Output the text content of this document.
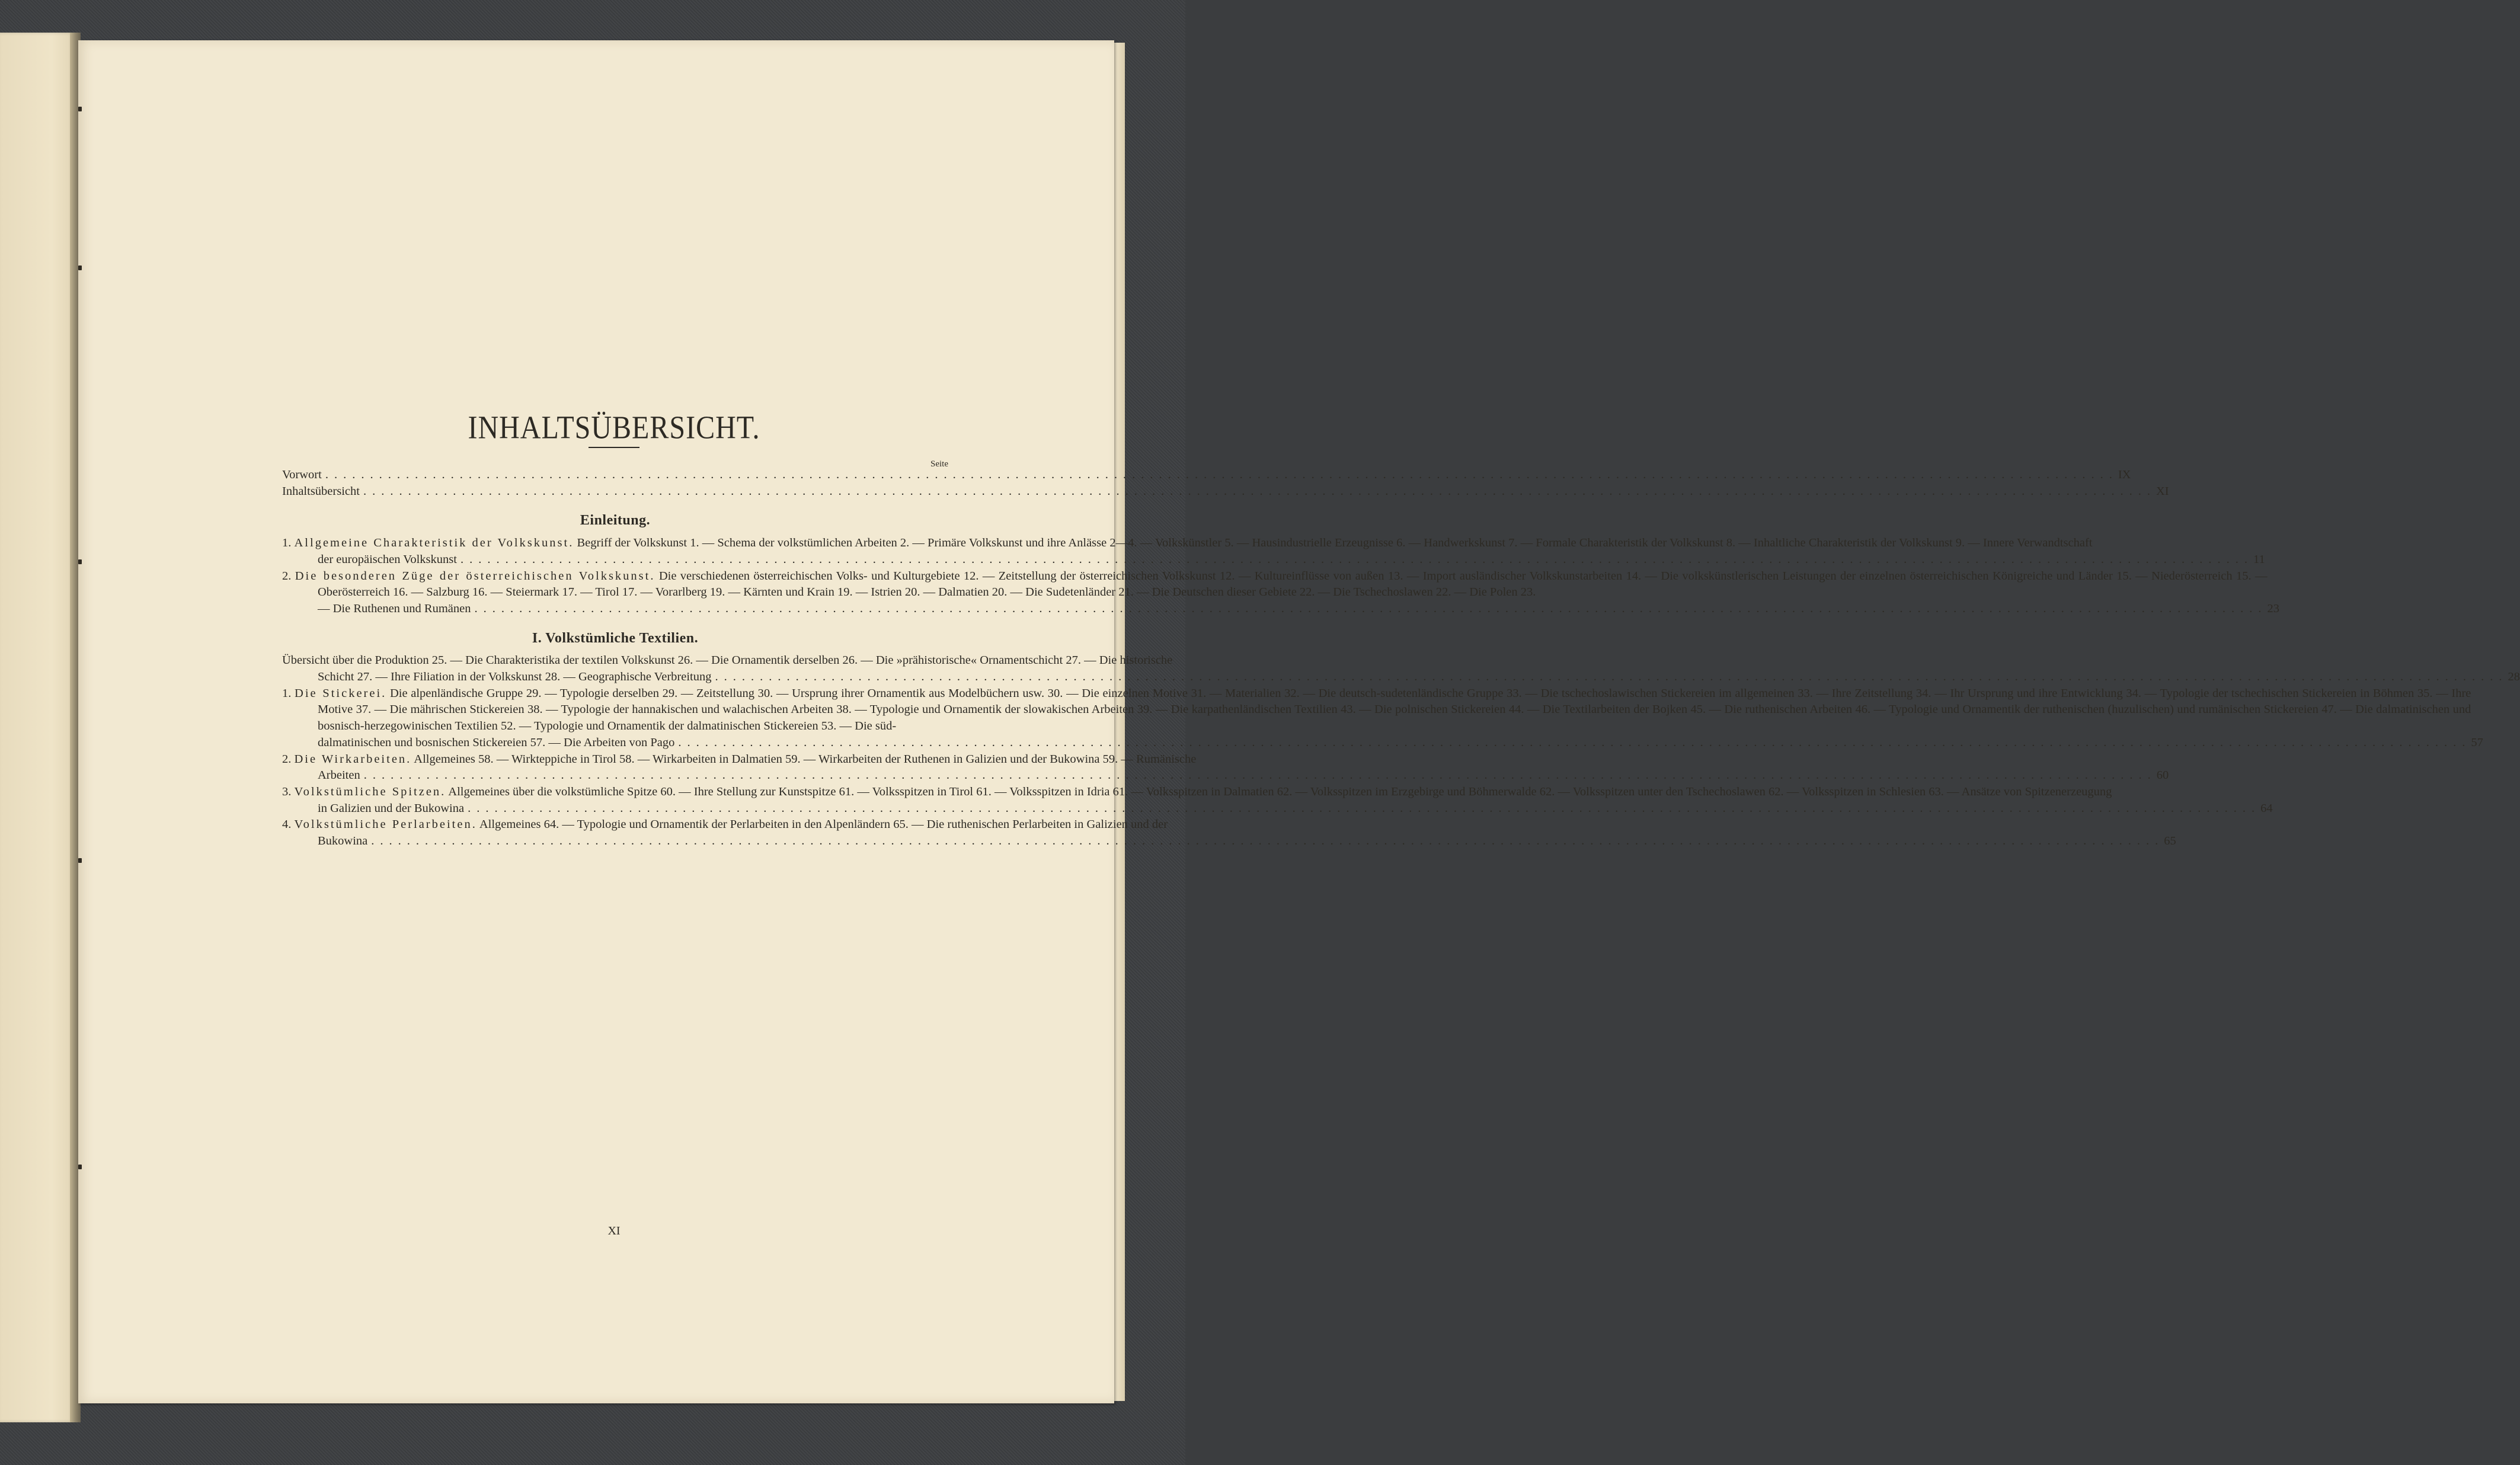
INHALTSÜBERSICHT.
Seite
Vorwort ........................................................................................................................................................................................................ IX
Inhaltsübersicht ........................................................................................................................................................................................................ XI
Einleitung.
1. Allgemeine Charakteristik der Volkskunst. Begriff der Volkskunst 1. — Schema der volkstümlichen Arbeiten 2. — Primäre Volkskunst und ihre Anlässe 2—4. — Volkskünstler 5. — Hausindustrielle Erzeugnisse 6. — Handwerkskunst 7. — Formale Charakteristik der Volkskunst 8. — Inhaltliche Charakteristik der Volkskunst 9. — Innere Verwandtschaft
der europäischen Volkskunst ........................................................................................................................................................................................................ 11
2. Die besonderen Züge der österreichischen Volkskunst. Die verschiedenen österreichischen Volks- und Kulturgebiete 12. — Zeitstellung der österreichischen Volkskunst 12. — Kultureinflüsse von außen 13. — Import ausländischer Volkskunstarbeiten 14. — Die volkskünstlerischen Leistungen der einzelnen österreichischen Königreiche und Länder 15. — Niederösterreich 15. — Oberösterreich 16. — Salzburg 16. — Steiermark 17. — Tirol 17. — Vorarlberg 19. — Kärnten und Krain 19. — Istrien 20. — Dalmatien 20. — Die Sudetenländer 21. — Die Deutschen dieser Gebiete 22. — Die Tschechoslawen 22. — Die Polen 23.
— Die Ruthenen und Rumänen ........................................................................................................................................................................................................ 23
I. Volkstümliche Textilien.
Übersicht über die Produktion 25. — Die Charakteristika der textilen Volkskunst 26. — Die Ornamentik derselben 26. — Die »prähistorische« Ornamentschicht 27. — Die historische
Schicht 27. — Ihre Filiation in der Volkskunst 28. — Geographische Verbreitung ........................................................................................................................................................................................................ 28
1. Die Stickerei. Die alpenländische Gruppe 29. — Typologie derselben 29. — Zeitstellung 30. — Ursprung ihrer Ornamentik aus Modelbüchern usw. 30. — Die einzelnen Motive 31. — Materialien 32. — Die deutsch-sudetenländische Gruppe 33. — Die tschechoslawischen Stickereien im allgemeinen 33. — Ihre Zeitstellung 34. — Ihr Ursprung und ihre Entwicklung 34. — Typologie der tschechischen Stickereien in Böhmen 35. — Ihre Motive 37. — Die mährischen Stickereien 38. — Typologie der hannakischen und walachischen Arbeiten 38. — Typologie und Ornamentik der slowakischen Arbeiten 39. — Die karpathenländischen Textilien 43. — Die polnischen Stickereien 44. — Die Textilarbeiten der Bojken 45. — Die ruthenischen Arbeiten 46. — Typologie und Ornamentik der ruthenischen (huzulischen) und rumänischen Stickereien 47. — Die dalmatinischen und bosnisch-herzegowinischen Textilien 52. — Typologie und Ornamentik der dalmatinischen Stickereien 53. — Die süd-
dalmatinischen und bosnischen Stickereien 57. — Die Arbeiten von Pago ........................................................................................................................................................................................................ 57
2. Die Wirkarbeiten. Allgemeines 58. — Wirkteppiche in Tirol 58. — Wirkarbeiten in Dalmatien 59. — Wirkarbeiten der Ruthenen in Galizien und der Bukowina 59. — Rumänische
Arbeiten ........................................................................................................................................................................................................ 60
3. Volkstümliche Spitzen. Allgemeines über die volkstümliche Spitze 60. — Ihre Stellung zur Kunstspitze 61. — Volksspitzen in Tirol 61. — Volksspitzen in Idria 61. — Volksspitzen in Dalmatien 62. — Volksspitzen im Erzgebirge und Böhmerwalde 62. — Volksspitzen unter den Tschechoslawen 62. — Volksspitzen in Schlesien 63. — Ansätze von Spitzenerzeugung
in Galizien und der Bukowina ........................................................................................................................................................................................................ 64
4. Volkstümliche Perlarbeiten. Allgemeines 64. — Typologie und Ornamentik der Perlarbeiten in den Alpenländern 65. — Die ruthenischen Perlarbeiten in Galizien und der
Bukowina ........................................................................................................................................................................................................ 65
XI
